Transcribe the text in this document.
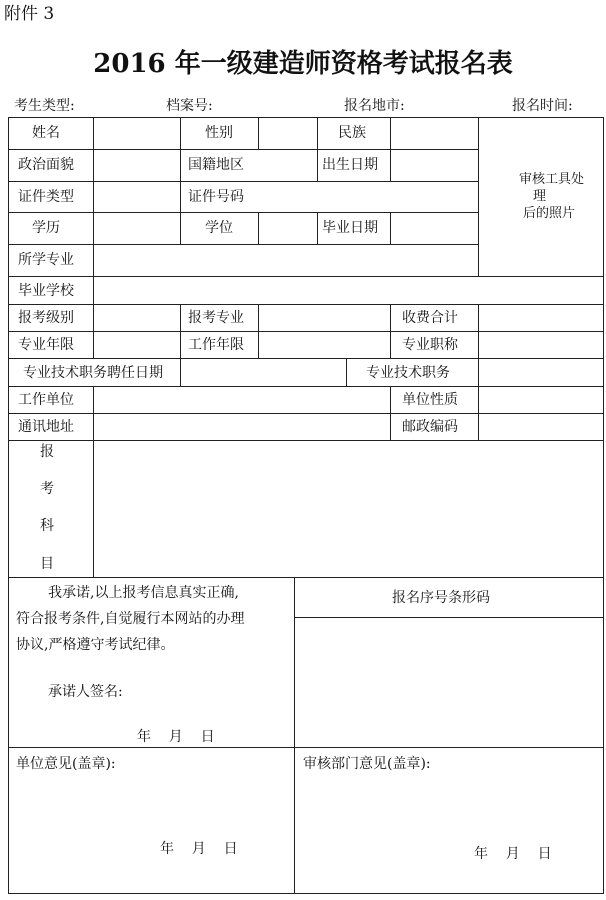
附件 3
2016 年一级建造师资格考试报名表
考生类型:	档案号:	报名地市:	报名时间:
姓名	性别	民族
审核工具处
理
后的照片
政治面貌	国籍地区	出生日期
证件类型	证件号码
学历	学位	毕业日期
所学专业
毕业学校
报考级别	报考专业	收费合计
专业年限	工作年限	专业职称
专业技术职务聘任日期	专业技术职务
工作单位	单位性质
通讯地址	邮政编码
报
考
科
目
我承诺,以上报考信息真实正确,
符合报考条件,自觉履行本网站的办理
协议,严格遵守考试纪律。
承诺人签名:
年    月    日
报名序号条形码
单位意见(盖章):
年    月    日
审核部门意见(盖章):
年    月    日
